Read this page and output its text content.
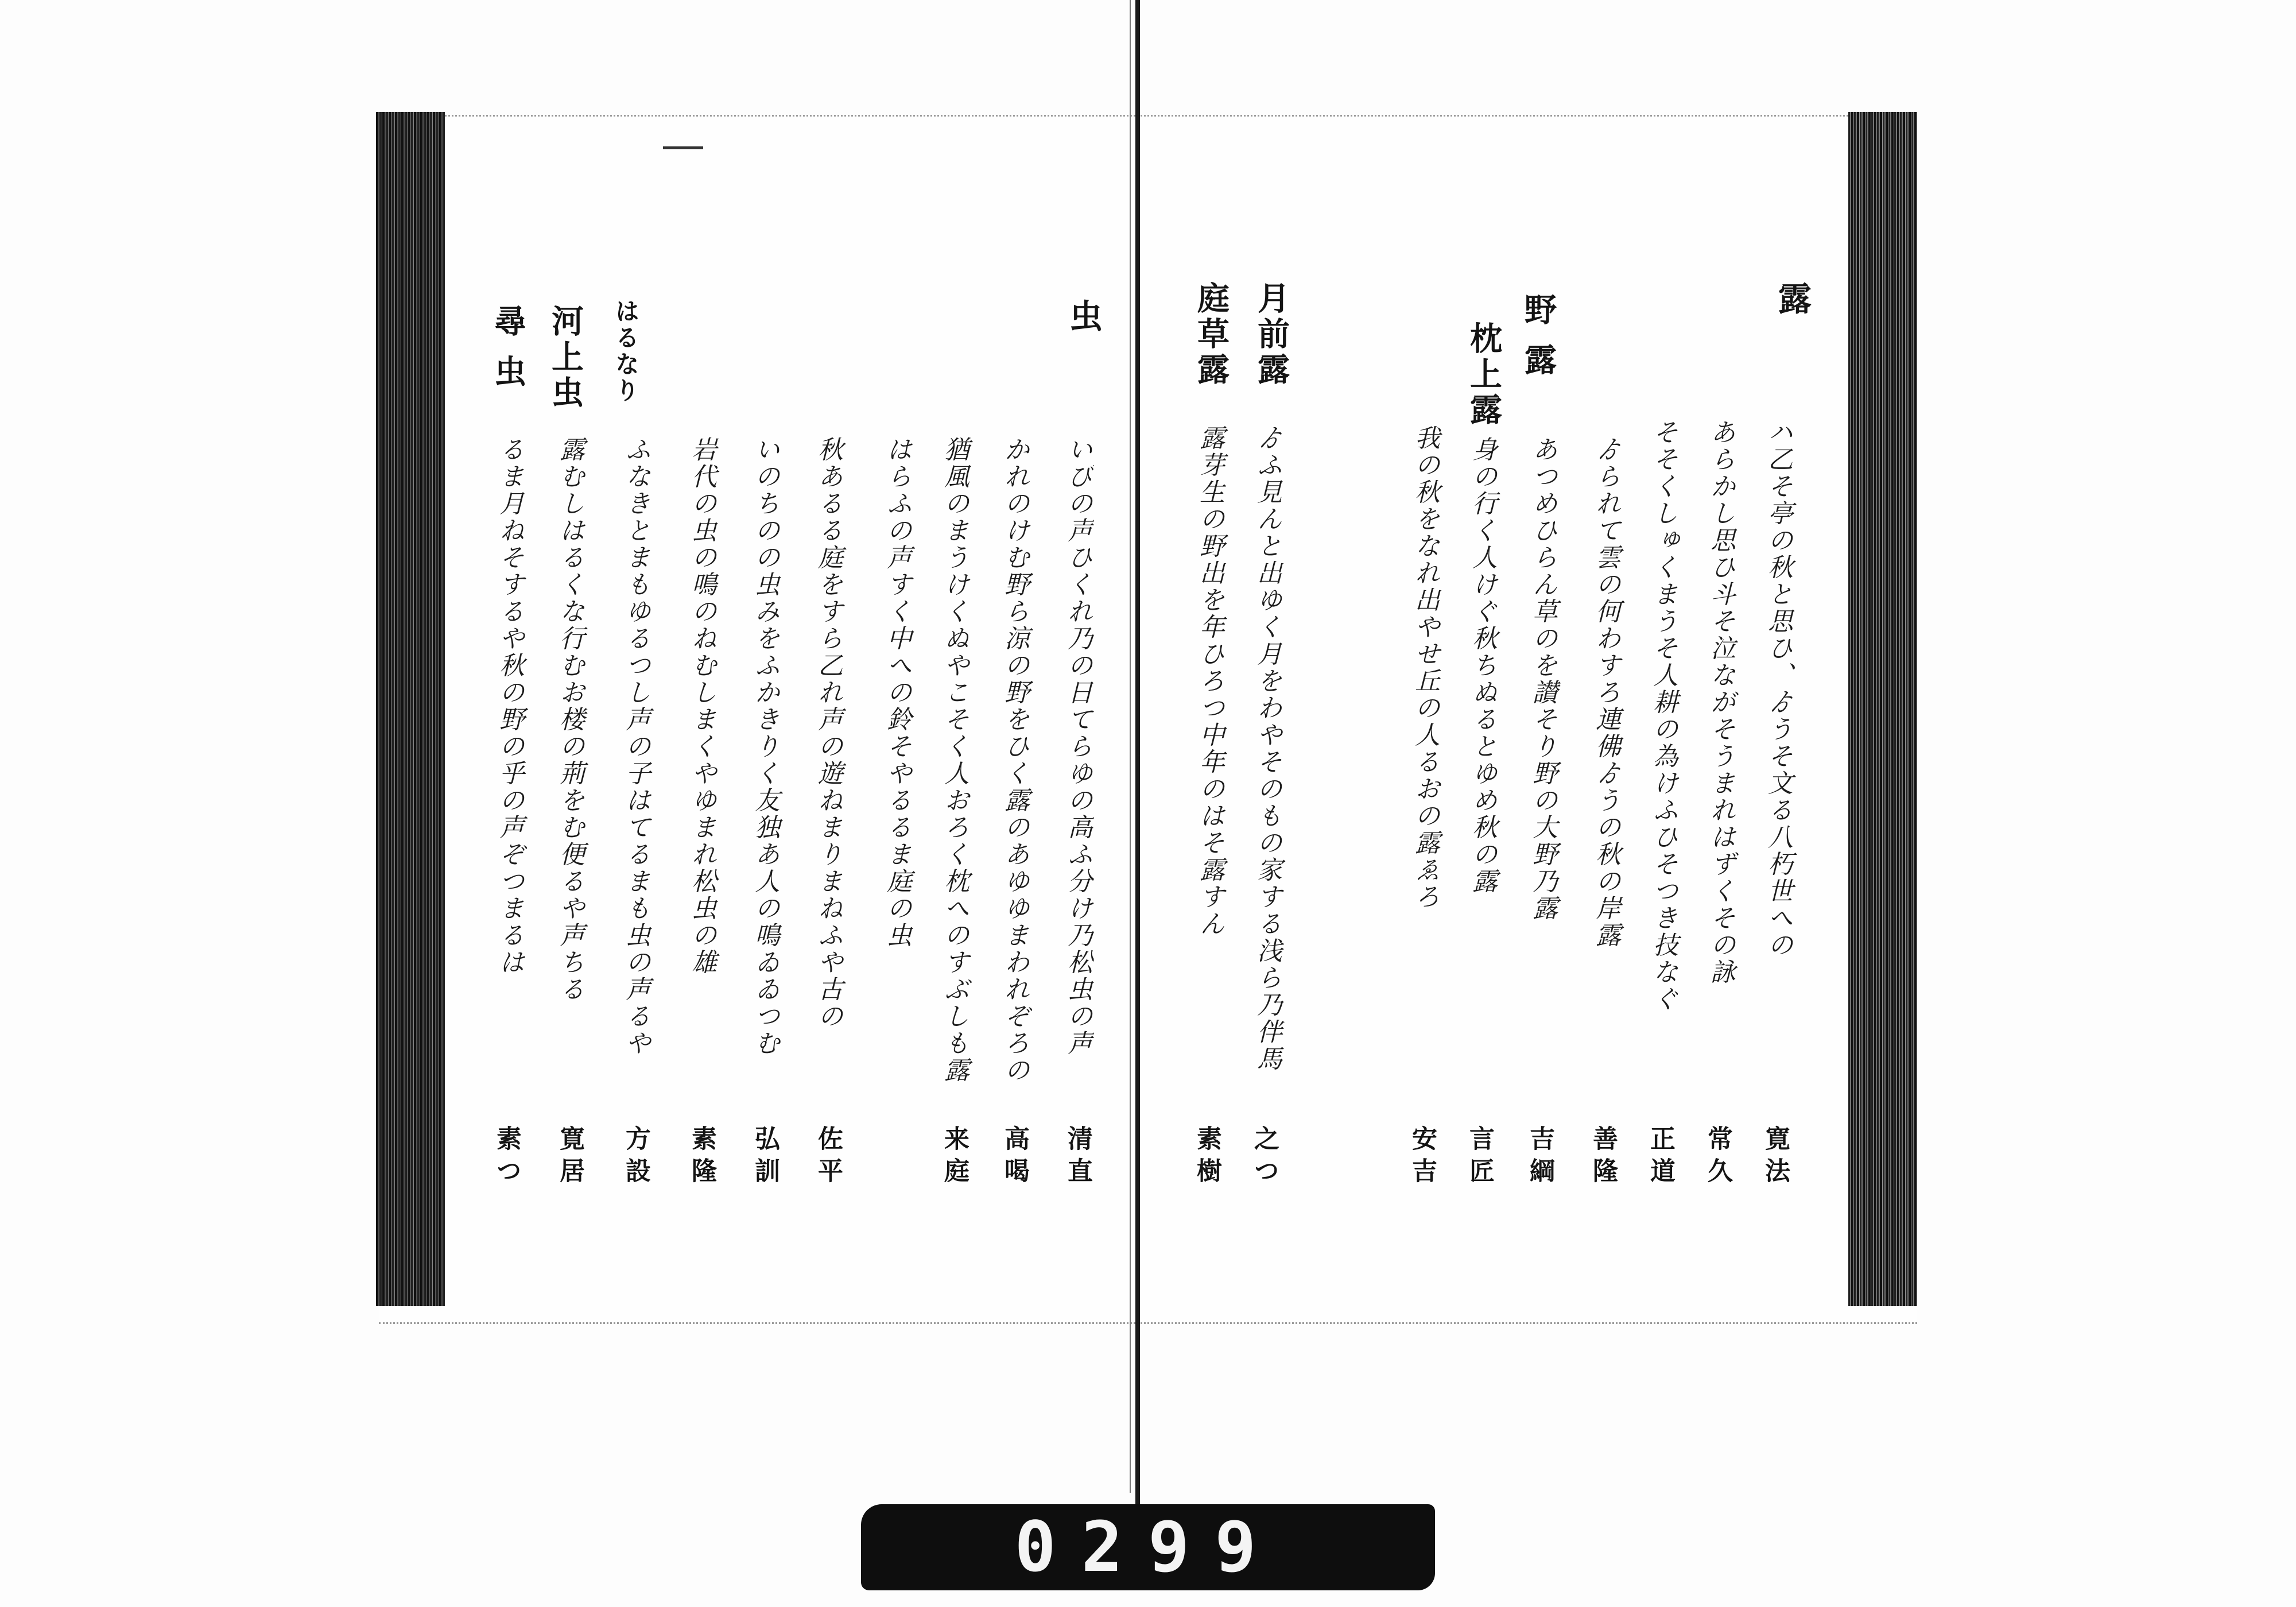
露
ハ乙そ亭の秋と思ひ、ゟうそ文る八朽世への
寛法
あらかし思ひ斗そ泣ながそうまれはずくその詠
常久
そそくしゅくまうそ人耕の為けふひそつき技なぐ
正道
ゟられて雲の何わすろ連佛ゟうの秋の岸露
善隆
野 露
あつめひらん草のを讃そり野の大野乃露
吉綱
枕上露
身の行く人けぐ秋ちぬるとゆめ秋の露
言匠
我の秋をなれ出やせ丘の人るおの露ゑろ
安吉
月前露
ゟふ見んと出ゆく月をわやそのもの家する浅ら乃伴馬
之つ
庭草露
露芽生の野出を年ひろつ中年のはそ露すん
素樹
虫
いびの声ひくれ乃の日てらゆの高ふ分け乃松虫の声
清直
かれのけむ野ら涼の野をひく露のあゆゆまわれぞろの
高喝
猶風のまうけくぬやこそく人おろく枕へのすぶしも露
来庭
はらふの声すく中への鈴そやるるま庭の虫
秋あるる庭をすら乙れ声の遊ねまりまねふや古の
佐平
いのちのの虫みをふかきりく友独あ人の鳴ゐゐつむ
弘訓
岩代の虫の鳴のねむしまくやゆまれ松虫の雄
素隆
はるなり
ふなきとまもゆるつし声の子はてるまも虫の声るや
方設
河上虫
露むしはるくな行むお楼の荊をむ便るや声ちる
寛居
尋 虫
るま月ねそするや秋の野の乎の声ぞつまるは
素つ
0299
